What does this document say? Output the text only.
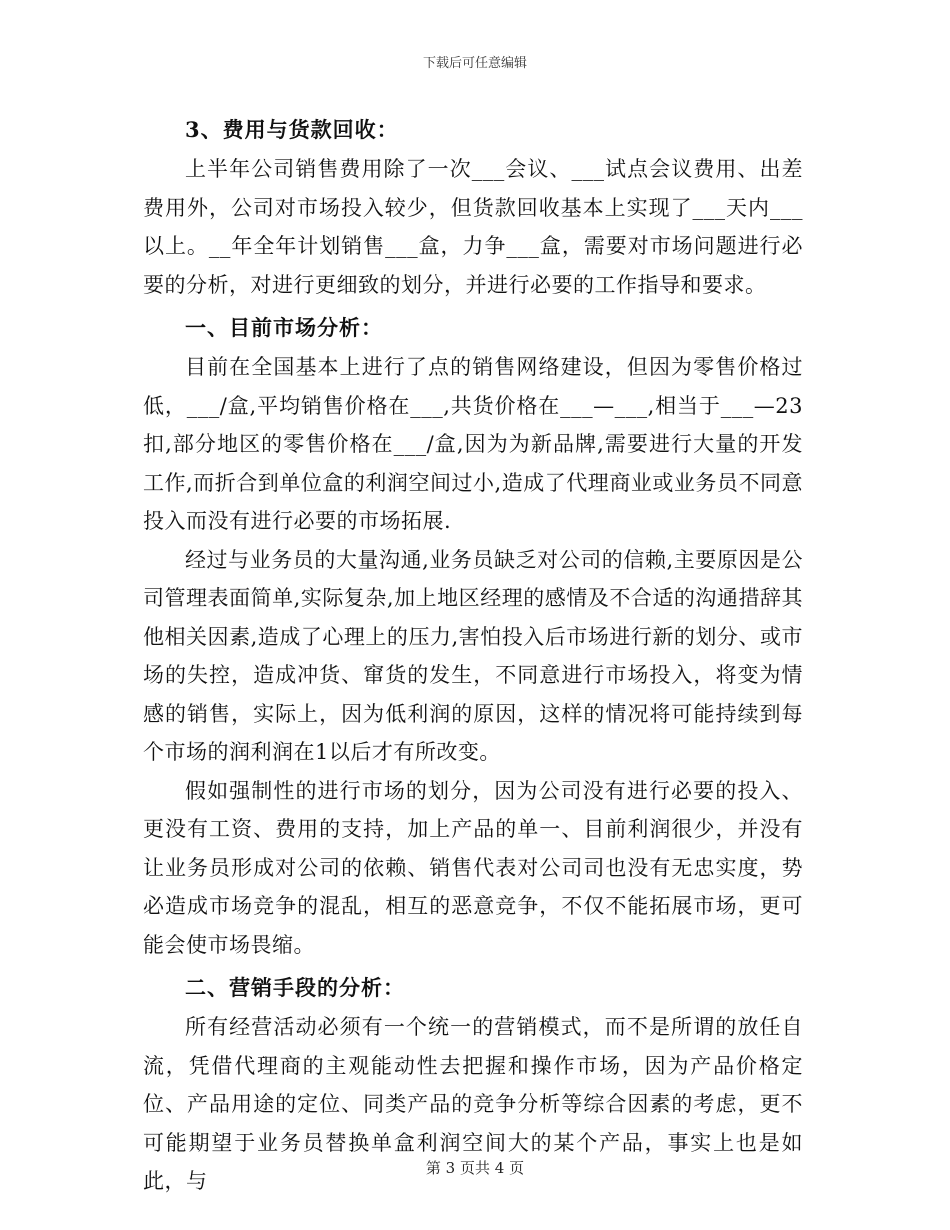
下载后可任意编辑
3、费用与货款回收：

上半年公司销售费用除了一次___会议、___试点会议费用、出差费用外，公司对市场投入较少，但货款回收基本上实现了___天内___以上。__年全年计划销售___盒，力争___盒，需要对市场问题进行必要的分析，对进行更细致的划分，并进行必要的工作指导和要求。

一、目前市场分析：

目前在全国基本上进行了点的销售网络建设，但因为零售价格过低，___/盒,平均销售价格在___,共货价格在___—___,相当于___—23扣,部分地区的零售价格在___/盒,因为为新品牌,需要进行大量的开发工作,而折合到单位盒的利润空间过小,造成了代理商业或业务员不同意投入而没有进行必要的市场拓展.

经过与业务员的大量沟通,业务员缺乏对公司的信赖,主要原因是公司管理表面简单,实际复杂,加上地区经理的感情及不合适的沟通措辞其他相关因素,造成了心理上的压力,害怕投入后市场进行新的划分、或市场的失控，造成冲货、窜货的发生，不同意进行市场投入，将变为情感的销售，实际上，因为低利润的原因，这样的情况将可能持续到每个市场的润利润在1以后才有所改变。

假如强制性的进行市场的划分，因为公司没有进行必要的投入、更没有工资、费用的支持，加上产品的单一、目前利润很少，并没有让业务员形成对公司的依赖、销售代表对公司司也没有无忠实度，势必造成市场竞争的混乱，相互的恶意竞争，不仅不能拓展市场，更可能会使市场畏缩。

二、营销手段的分析：

所有经营活动必须有一个统一的营销模式，而不是所谓的放任自流，凭借代理商的主观能动性去把握和操作市场，因为产品价格定位、产品用途的定位、同类产品的竞争分析等综合因素的考虑，更不可能期望于业务员替换单盒利润空间大的某个产品，事实上也是如此，与

第 3 页共 4 页
